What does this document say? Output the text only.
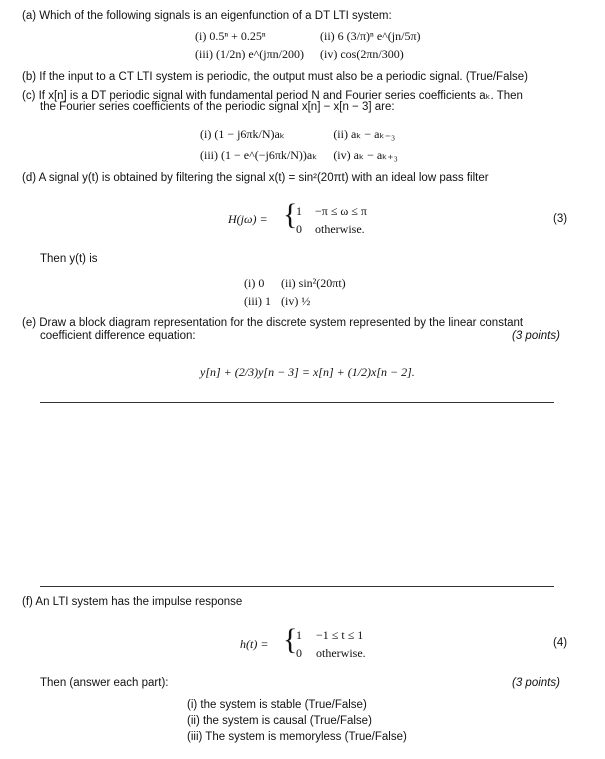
(a) Which of the following signals is an eigenfunction of a DT LTI system:
(i) 0.5ⁿ + 0.25ⁿ	(ii) 6 (3/π)ⁿ e^(jn/5π)
(iii) (1/2n) e^(jπn/200) (iv) cos(2πn/300)
(b) If the input to a CT LTI system is periodic, the output must also be a periodic signal. (True/False)
(c) If x[n] is a DT periodic signal with fundamental period N and Fourier series coefficients aₖ. Then
the Fourier series coefficients of the periodic signal x[n] − x[n − 3] are:
(i) (1 − j6πk/N)aₖ	(ii) aₖ − aₖ₋₃
(iii) (1 − e^(−j6πk/N))aₖ (iv) aₖ − aₖ₊₃
(d) A signal y(t) is obtained by filtering the signal x(t) = sin²(20πt) with an ideal low pass filter
H(jω) = {
1 −π ≤ ω ≤ π
0 otherwise.
(3)
Then y(t) is
(i) 0	(ii) sin²(20πt)
(iii) 1 (iv) ½
(e) Draw a block diagram representation for the discrete system represented by the linear constant
coefficient difference equation:	(3 points)
y[n] + (2/3)y[n − 3] = x[n] + (1/2)x[n − 2].
(f) An LTI system has the impulse response
h(t) = {
1 −1 ≤ t ≤ 1
0 otherwise.
(4)
Then (answer each part):	(3 points)
(i) the system is stable (True/False)
(ii) the system is causal (True/False)
(iii) The system is memoryless (True/False)
